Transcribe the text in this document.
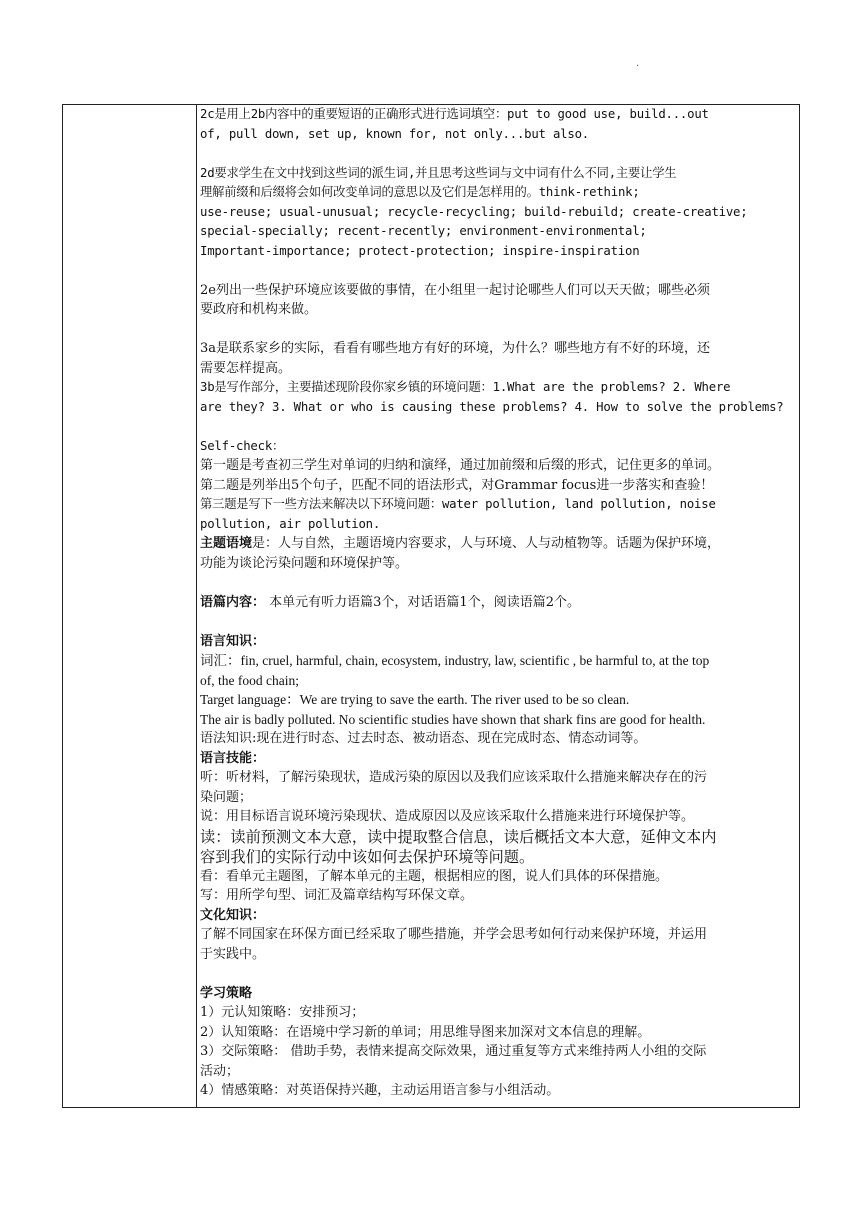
.

2c是用上2b内容中的重要短语的正确形式进行选词填空：put to good use, build...out

of, pull down, set up, known for, not only...but also.

2d要求学生在文中找到这些词的派生词,并且思考这些词与文中词有什么不同,主要让学生

理解前缀和后缀将会如何改变单词的意思以及它们是怎样用的。think-rethink;

use-reuse; usual-unusual; recycle-recycling; build-rebuild; create-creative;

special-specially; recent-recently; environment-environmental;

Important-importance; protect-protection; inspire-inspiration

2e列出一些保护环境应该要做的事情，在小组里一起讨论哪些人们可以天天做；哪些必须

要政府和机构来做。

3a是联系家乡的实际，看看有哪些地方有好的环境，为什么？哪些地方有不好的环境，还

需要怎样提高。

3b是写作部分，主要描述现阶段你家乡镇的环境问题：1.What are the problems? 2. Where

are they? 3. What or who is causing these problems? 4. How to solve the problems?

Self-check：

第一题是考查初三学生对单词的归纳和演绎，通过加前缀和后缀的形式，记住更多的单词。

第二题是列举出5个句子，匹配不同的语法形式，对Grammar focus进一步落实和查验！

第三题是写下一些方法来解决以下环境问题：water pollution, land pollution, noise

pollution, air pollution.

主题语境是：人与自然，主题语境内容要求，人与环境、人与动植物等。话题为保护环境，

功能为谈论污染问题和环境保护等。

语篇内容： 本单元有听力语篇3个，对话语篇1个，阅读语篇2个。

语言知识：

词汇：fin, cruel, harmful, chain, ecosystem, industry, law, scientific , be harmful to, at the top

of, the food chain;

Target language：We are trying to save the earth. The river used to be so clean.

The air is badly polluted. No scientific studies have shown that shark fins are good for health.

语法知识:现在进行时态、过去时态、被动语态、现在完成时态、情态动词等。

语言技能：

听：听材料，了解污染现状，造成污染的原因以及我们应该采取什么措施来解决存在的污

染问题；

说：用目标语言说环境污染现状、造成原因以及应该采取什么措施来进行环境保护等。

读：读前预测文本大意，读中提取整合信息，读后概括文本大意，延伸文本内

容到我们的实际行动中该如何去保护环境等问题。

看：看单元主题图，了解本单元的主题，根据相应的图，说人们具体的环保措施。

写：用所学句型、词汇及篇章结构写环保文章。

文化知识：

了解不同国家在环保方面已经采取了哪些措施，并学会思考如何行动来保护环境，并运用

于实践中。

学习策略

1）元认知策略：安排预习；

2）认知策略：在语境中学习新的单词；用思维导图来加深对文本信息的理解。

3）交际策略： 借助手势，表情来提高交际效果，通过重复等方式来维持两人小组的交际

活动；

4）情感策略：对英语保持兴趣，主动运用语言参与小组活动。
